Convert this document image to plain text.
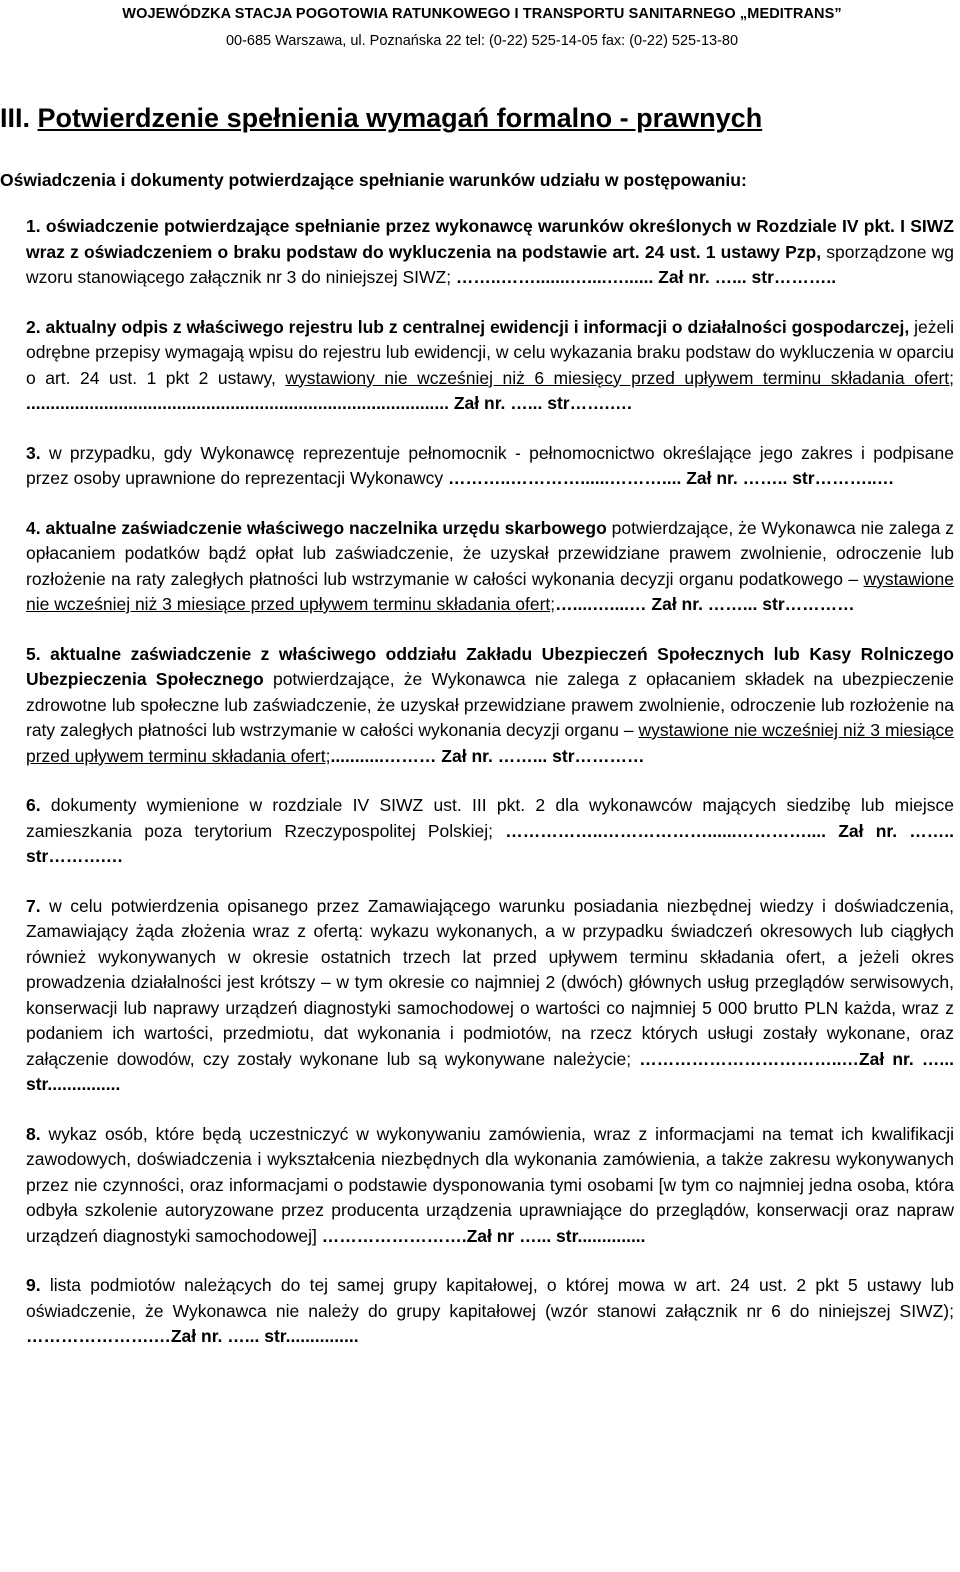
WOJEWÓDZKA STACJA POGOTOWIA RATUNKOWEGO I TRANSPORTU SANITARNEGO „MEDITRANS”
00-685 Warszawa, ul. Poznańska 22 tel: (0-22) 525-14-05 fax: (0-22) 525-13-80
III. Potwierdzenie spełnienia wymagań formalno - prawnych
Oświadczenia i dokumenty potwierdzające spełnianie warunków udziału w postępowaniu:

1. oświadczenie potwierdzające spełnianie przez wykonawcę warunków określonych w Rozdziale IV pkt. I SIWZ wraz z oświadczeniem o braku podstaw do wykluczenia na podstawie art. 24 ust. 1 ustawy Pzp, sporządzone wg wzoru stanowiącego załącznik nr 3 do niniejszej SIWZ; ……..…….......…....…...... Zał nr. …... str………..

2. aktualny odpis z właściwego rejestru lub z centralnej ewidencji i informacji o działalności gospodarczej, jeżeli odrębne przepisy wymagają wpisu do rejestru lub ewidencji, w celu wykazania braku podstaw do wykluczenia w oparciu o art. 24 ust. 1 pkt 2 ustawy, wystawiony nie wcześniej niż 6 miesięcy przed upływem terminu składania ofert; ....................................................................................... Zał nr. …... str…….….

3. w przypadku, gdy Wykonawcę reprezentuje pełnomocnik - pełnomocnictwo określające jego zakres i podpisane przez osoby uprawnione do reprezentacji Wykonawcy ………..…………......……….... Zał nr. …….. str………..…

4. aktualne zaświadczenie właściwego naczelnika urzędu skarbowego potwierdzające, że Wykonawca nie zalega z opłacaniem podatków bądź opłat lub zaświadczenie, że uzyskał przewidziane prawem zwolnienie, odroczenie lub rozłożenie na raty zaległych płatności lub wstrzymanie w całości wykonania decyzji organu podatkowego – wystawione nie wcześniej niż 3 miesiące przed upływem terminu składania ofert;…....…....… Zał nr. ……... str…………

5. aktualne zaświadczenie z właściwego oddziału Zakładu Ubezpieczeń Społecznych lub Kasy Rolniczego Ubezpieczenia Społecznego potwierdzające, że Wykonawca nie zalega z opłacaniem składek na ubezpieczenie zdrowotne lub społeczne lub zaświadczenie, że uzyskał przewidziane prawem zwolnienie, odroczenie lub rozłożenie na raty zaległych płatności lub wstrzymanie w całości wykonania decyzji organu – wystawione nie wcześniej niż 3 miesiące przed upływem terminu składania ofert;...........……… Zał nr. ……... str…………

6. dokumenty wymienione w rozdziale IV SIWZ ust. III pkt. 2 dla wykonawców mających siedzibę lub miejsce zamieszkania poza terytorium Rzeczypospolitej Polskiej; ……………..………………......………….... Zał nr. …….. str……….…

7. w celu potwierdzenia opisanego przez Zamawiającego warunku posiadania niezbędnej wiedzy i doświadczenia, Zamawiający żąda złożenia wraz z ofertą: wykazu wykonanych, a w przypadku świadczeń okresowych lub ciągłych również wykonywanych w okresie ostatnich trzech lat przed upływem terminu składania ofert, a jeżeli okres prowadzenia działalności jest krótszy – w tym okresie co najmniej 2 (dwóch) głównych usług przeglądów serwisowych, konserwacji lub naprawy urządzeń diagnostyki samochodowej o wartości co najmniej 5 000 brutto PLN każda, wraz z podaniem ich wartości, przedmiotu, dat wykonania i podmiotów, na rzecz których usługi zostały wykonane, oraz załączenie dowodów, czy zostały wykonane lub są wykonywane należycie; ……………………………..…Zał nr. …... str...............

8. wykaz osób, które będą uczestniczyć w wykonywaniu zamówienia, wraz z informacjami na temat ich kwalifikacji zawodowych, doświadczenia i wykształcenia niezbędnych dla wykonania zamówienia, a także zakresu wykonywanych przez nie czynności, oraz informacjami o podstawie dysponowania tymi osobami [w tym co najmniej jedna osoba, która odbyła szkolenie autoryzowane przez producenta urządzenia uprawniające do przeglądów, konserwacji oraz napraw urządzeń diagnostyki samochodowej] …………………….Zał nr …... str..............

9. lista podmiotów należących do tej samej grupy kapitałowej, o której mowa w art. 24 ust. 2 pkt 5 ustawy lub oświadczenie, że Wykonawca nie należy do grupy kapitałowej (wzór stanowi załącznik nr 6 do niniejszej SIWZ); ………………….…Zał nr. …... str...............
